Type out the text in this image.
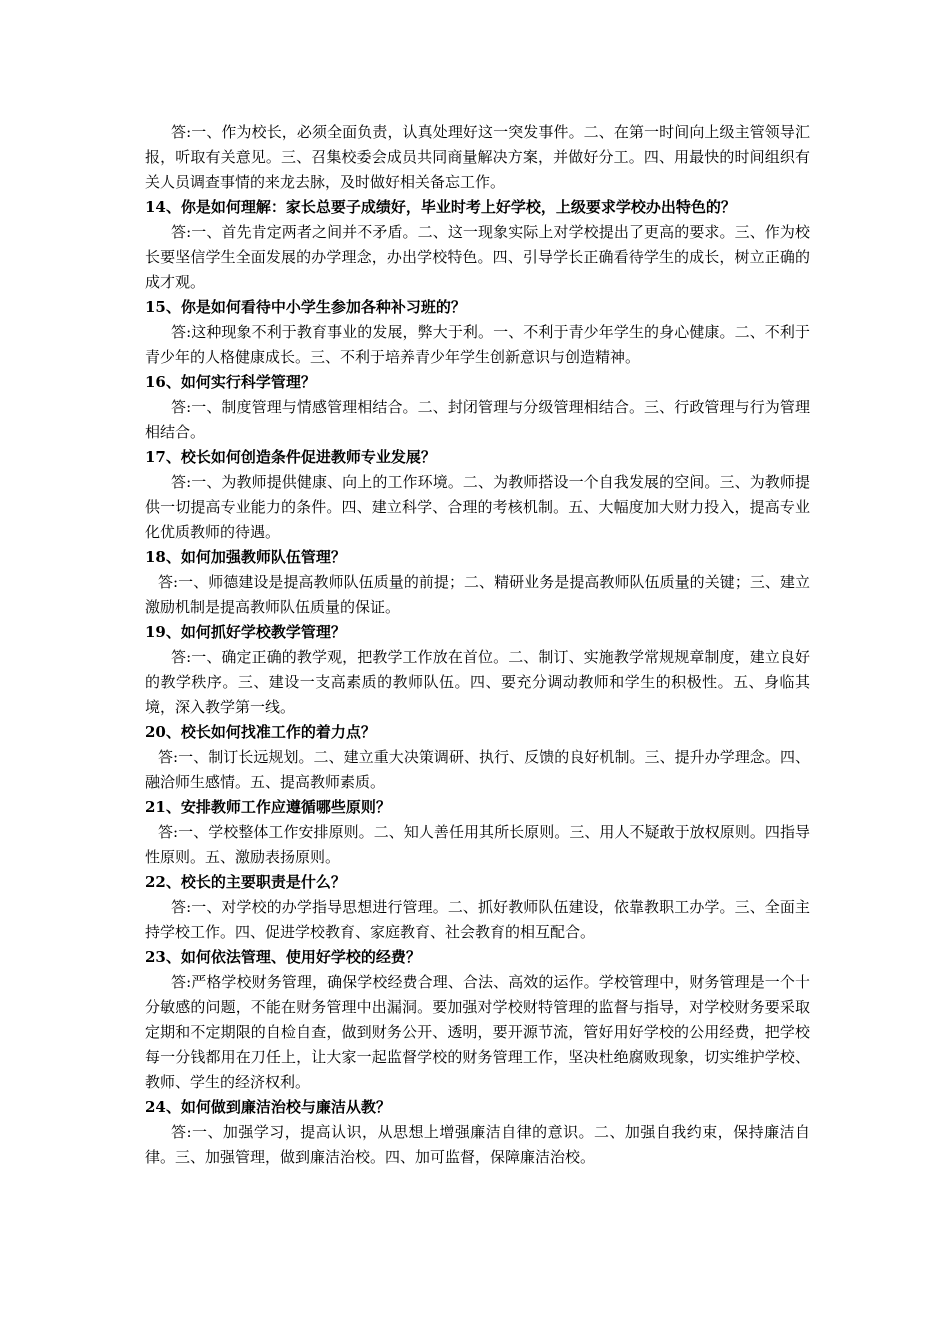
答:一、作为校长，必须全面负责，认真处理好这一突发事件。二、在第一时间向上级主管领导汇报，听取有关意见。三、召集校委会成员共同商量解决方案，并做好分工。四、用最快的时间组织有关人员调查事情的来龙去脉，及时做好相关备忘工作。

14、你是如何理解：家长总要子成绩好，毕业时考上好学校，上级要求学校办出特色的？

答:一、首先肯定两者之间并不矛盾。二、这一现象实际上对学校提出了更高的要求。三、作为校长要坚信学生全面发展的办学理念，办出学校特色。四、引导学长正确看待学生的成长，树立正确的成才观。

15、你是如何看待中小学生参加各种补习班的？

答:这种现象不利于教育事业的发展，弊大于利。一、不利于青少年学生的身心健康。二、不利于青少年的人格健康成长。三、不利于培养青少年学生创新意识与创造精神。

16、如何实行科学管理？

答:一、制度管理与情感管理相结合。二、封闭管理与分级管理相结合。三、行政管理与行为管理相结合。

17、校长如何创造条件促进教师专业发展？

答:一、为教师提供健康、向上的工作环境。二、为教师搭设一个自我发展的空间。三、为教师提供一切提高专业能力的条件。四、建立科学、合理的考核机制。五、大幅度加大财力投入，提高专业化优质教师的待遇。

18、如何加强教师队伍管理？

答:一、师德建设是提高教师队伍质量的前提；二、精研业务是提高教师队伍质量的关键；三、建立激励机制是提高教师队伍质量的保证。

19、如何抓好学校教学管理？

答:一、确定正确的教学观，把教学工作放在首位。二、制订、实施教学常规规章制度，建立良好的教学秩序。三、建设一支高素质的教师队伍。四、要充分调动教师和学生的积极性。五、身临其境，深入教学第一线。

20、校长如何找准工作的着力点？

答:一、制订长远规划。二、建立重大决策调研、执行、反馈的良好机制。三、提升办学理念。四、融洽师生感情。五、提高教师素质。

21、安排教师工作应遵循哪些原则？

答:一、学校整体工作安排原则。二、知人善任用其所长原则。三、用人不疑敢于放权原则。四指导性原则。五、激励表扬原则。

22、校长的主要职责是什么？

答:一、对学校的办学指导思想进行管理。二、抓好教师队伍建设，依靠教职工办学。三、全面主持学校工作。四、促进学校教育、家庭教育、社会教育的相互配合。

23、如何依法管理、使用好学校的经费？

答:严格学校财务管理，确保学校经费合理、合法、高效的运作。学校管理中，财务管理是一个十分敏感的问题，不能在财务管理中出漏洞。要加强对学校财特管理的监督与指导，对学校财务要采取定期和不定期限的自检自查，做到财务公开、透明，要开源节流，管好用好学校的公用经费，把学校每一分钱都用在刀任上，让大家一起监督学校的财务管理工作，坚决杜绝腐败现象，切实维护学校、教师、学生的经济权利。

24、如何做到廉洁治校与廉洁从教？

答:一、加强学习，提高认识，从思想上增强廉洁自律的意识。二、加强自我约束，保持廉洁自律。三、加强管理，做到廉洁治校。四、加可监督，保障廉洁治校。
